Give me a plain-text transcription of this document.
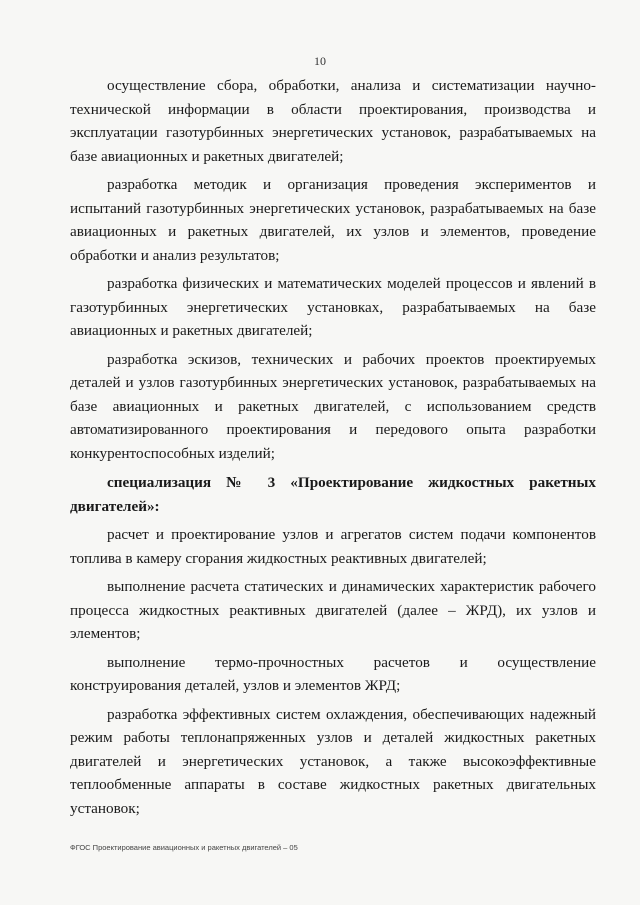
10

осуществление сбора, обработки, анализа и систематизации научно-технической информации в области проектирования, производства и эксплуатации газотурбинных энергетических установок, разрабатываемых на базе авиационных и ракетных двигателей;

разработка методик и организация проведения экспериментов и испытаний газотурбинных энергетических установок, разрабатываемых на базе авиационных и ракетных двигателей, их узлов и элементов, проведение обработки и анализ результатов;

разработка физических и математических моделей процессов и явлений в газотурбинных энергетических установках, разрабатываемых на базе авиационных и ракетных двигателей;

разработка эскизов, технических и рабочих проектов проектируемых деталей и узлов газотурбинных энергетических установок, разрабатываемых на базе авиационных и ракетных двигателей, с использованием средств автоматизированного проектирования и передового опыта разработки конкурентоспособных изделий;

специализация № 3 «Проектирование жидкостных ракетных двигателей»:

расчет и проектирование узлов и агрегатов систем подачи компонентов топлива в камеру сгорания жидкостных реактивных двигателей;

выполнение расчета статических и динамических характеристик рабочего процесса жидкостных реактивных двигателей (далее – ЖРД), их узлов и элементов;

выполнение термо-прочностных расчетов и осуществление конструирования деталей, узлов и элементов ЖРД;

разработка эффективных систем охлаждения, обеспечивающих надежный режим работы теплонапряженных узлов и деталей жидкостных ракетных двигателей и энергетических установок, а также высокоэффективные теплообменные аппараты в составе жидкостных ракетных двигательных установок;

ФГОС Проектирование авиационных и ракетных двигателей – 05
